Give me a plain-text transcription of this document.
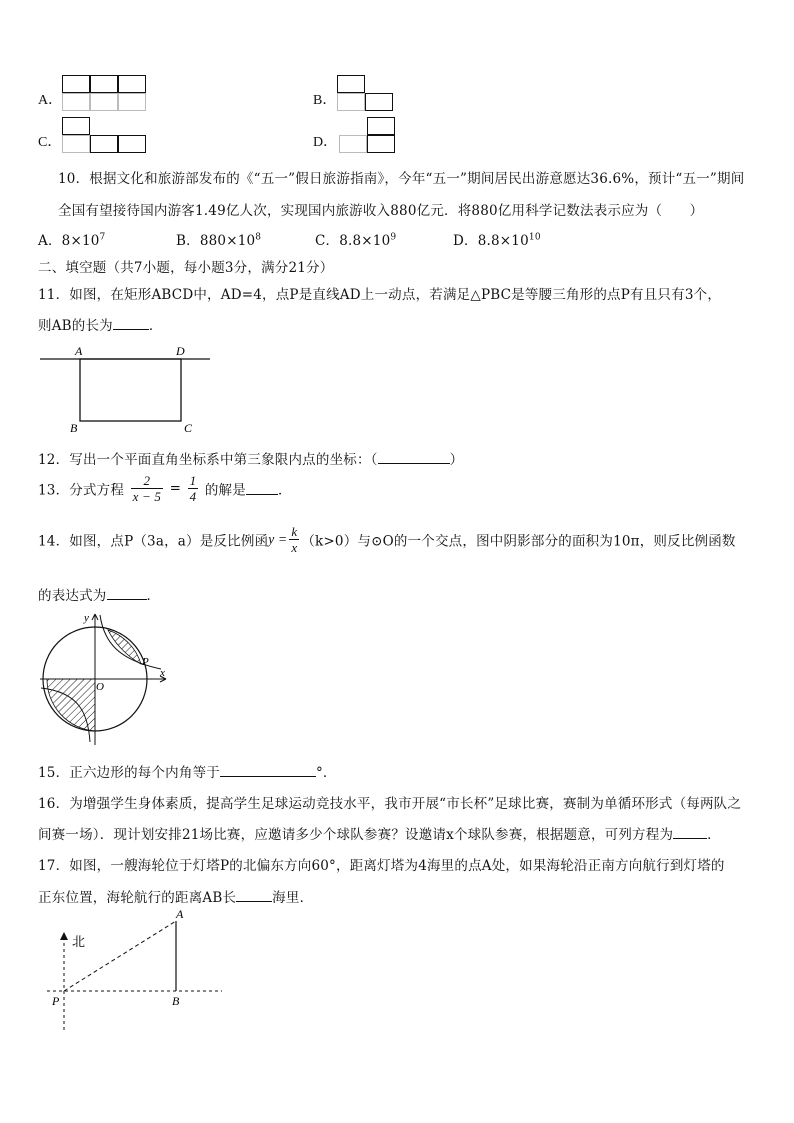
A．	B．
C．	D．
10．根据文化和旅游部发布的《“五一”假日旅游指南》，今年“五一”期间居民出游意愿达36.6%，预计“五一”期间
全国有望接待国内游客1.49亿人次，实现国内旅游收入880亿元．将880亿用科学记数法表示应为（　　）
A．$8\times 10^7$	B．$880\times 10^8$	C．$8.8\times 10^9$	D．$8.8\times 10^{10}$
二、填空题（共7小题，每小题3分，满分21分）
11．如图，在矩形ABCD中，AD=4，点P是直线AD上一动点，若满足△PBC是等腰三角形的点P有且只有3个，
则AB的长为	．
A	D
B	C
12．写出一个平面直角坐标系中第三象限内点的坐标：（	）
13．分式方程 $\frac{2}{x - 5} = \frac{1}{4}$ 的解是 ．
14．如图，点P（3a，a）是反比例函$y = \frac{k}{x} (k>0)$与⊙O的一个交点，图中阴影部分的面积为10π，则反比例函数
的表达式为	．
y
x
O
P
15．正六边形的每个内角等于	°．
16．为增强学生身体素质，提高学生足球运动竞技水平，我市开展“市长杯”足球比赛，赛制为单循环形式（每两队之
间赛一场）．现计划安排21场比赛，应邀请多少个球队参赛？设邀请x个球队参赛，根据题意，可列方程为	．
17．如图，一艘海轮位于灯塔P的北偏东方向60°，距离灯塔为4海里的点A处，如果海轮沿正南方向航行到灯塔的
正东位置，海轮航行的距离AB长	海里．
北
A
B
P
